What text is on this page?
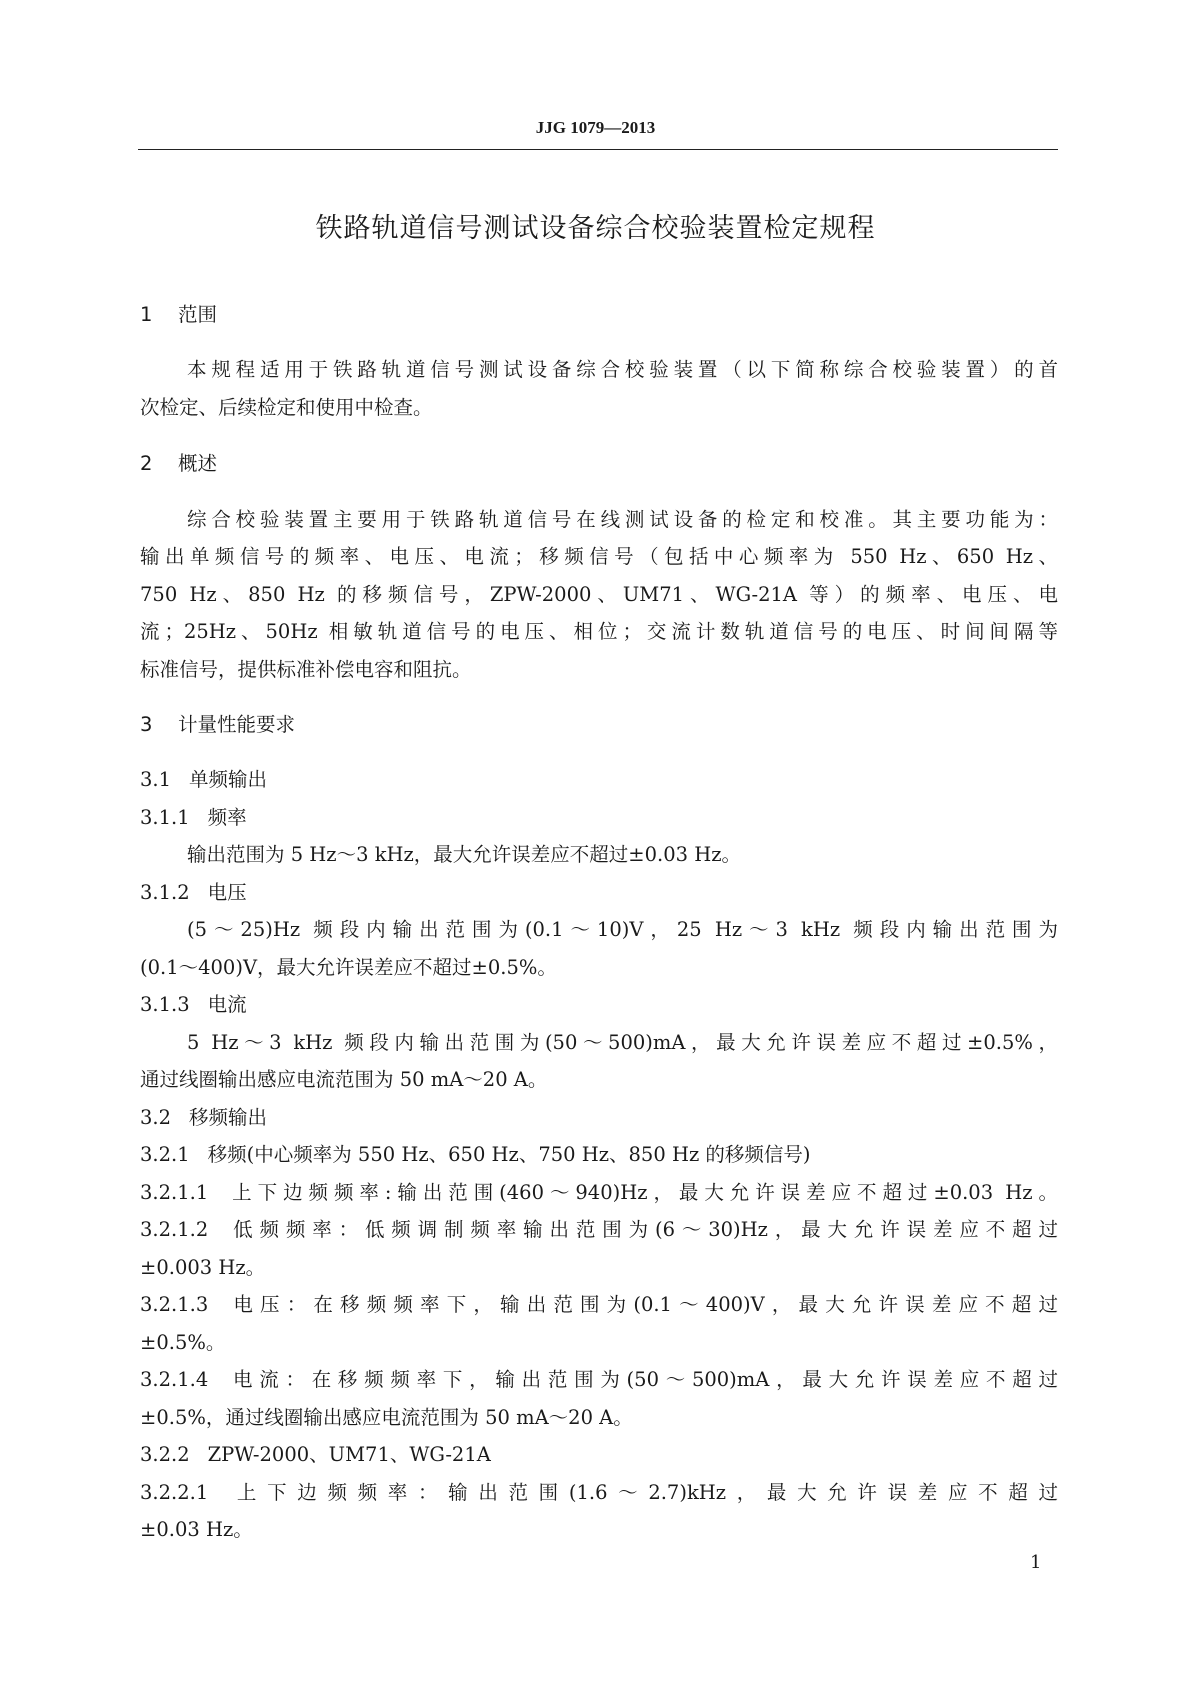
JJG 1079—2013
铁路轨道信号测试设备综合校验装置检定规程
1 范围
本规程适用于铁路轨道信号测试设备综合校验装置（以下简称综合校验装置）的首
次检定、后续检定和使用中检查。
2 概述
综合校验装置主要用于铁路轨道信号在线测试设备的检定和校准。其主要功能为：
输出单频信号的频率、电压、电流；移频信号（包括中心频率为 550 Hz、650 Hz、
750 Hz、850 Hz 的移频信号，ZPW-2000、UM71、WG-21A 等）的频率、电压、电
流；25Hz、50Hz 相敏轨道信号的电压、相位；交流计数轨道信号的电压、时间间隔等
标准信号，提供标准补偿电容和阻抗。
3 计量性能要求
3.1 单频输出
3.1.1 频率
输出范围为 5 Hz～3 kHz，最大允许误差应不超过±0.03 Hz。
3.1.2 电压
(5～25)Hz 频段内输出范围为(0.1～10)V，25 Hz～3 kHz 频段内输出范围为
(0.1～400)V，最大允许误差应不超过±0.5%。
3.1.3 电流
5 Hz～3 kHz 频段内输出范围为(50～500)mA，最大允许误差应不超过±0.5%，
通过线圈输出感应电流范围为 50 mA～20 A。
3.2 移频输出
3.2.1 移频(中心频率为 550 Hz、650 Hz、750 Hz、850 Hz 的移频信号)
3.2.1.1 上下边频频率:输出范围(460～940)Hz，最大允许误差应不超过±0.03 Hz。
3.2.1.2 低频频率：低频调制频率输出范围为(6～30)Hz，最大允许误差应不超过
±0.003 Hz。
3.2.1.3 电压：在移频频率下，输出范围为(0.1～400)V，最大允许误差应不超过
±0.5%。
3.2.1.4 电流：在移频频率下，输出范围为(50～500)mA，最大允许误差应不超过
±0.5%，通过线圈输出感应电流范围为 50 mA～20 A。
3.2.2 ZPW-2000、UM71、WG-21A
3.2.2.1 上下边频频率：输出范围(1.6～2.7)kHz，最大允许误差应不超过
±0.03 Hz。
1
